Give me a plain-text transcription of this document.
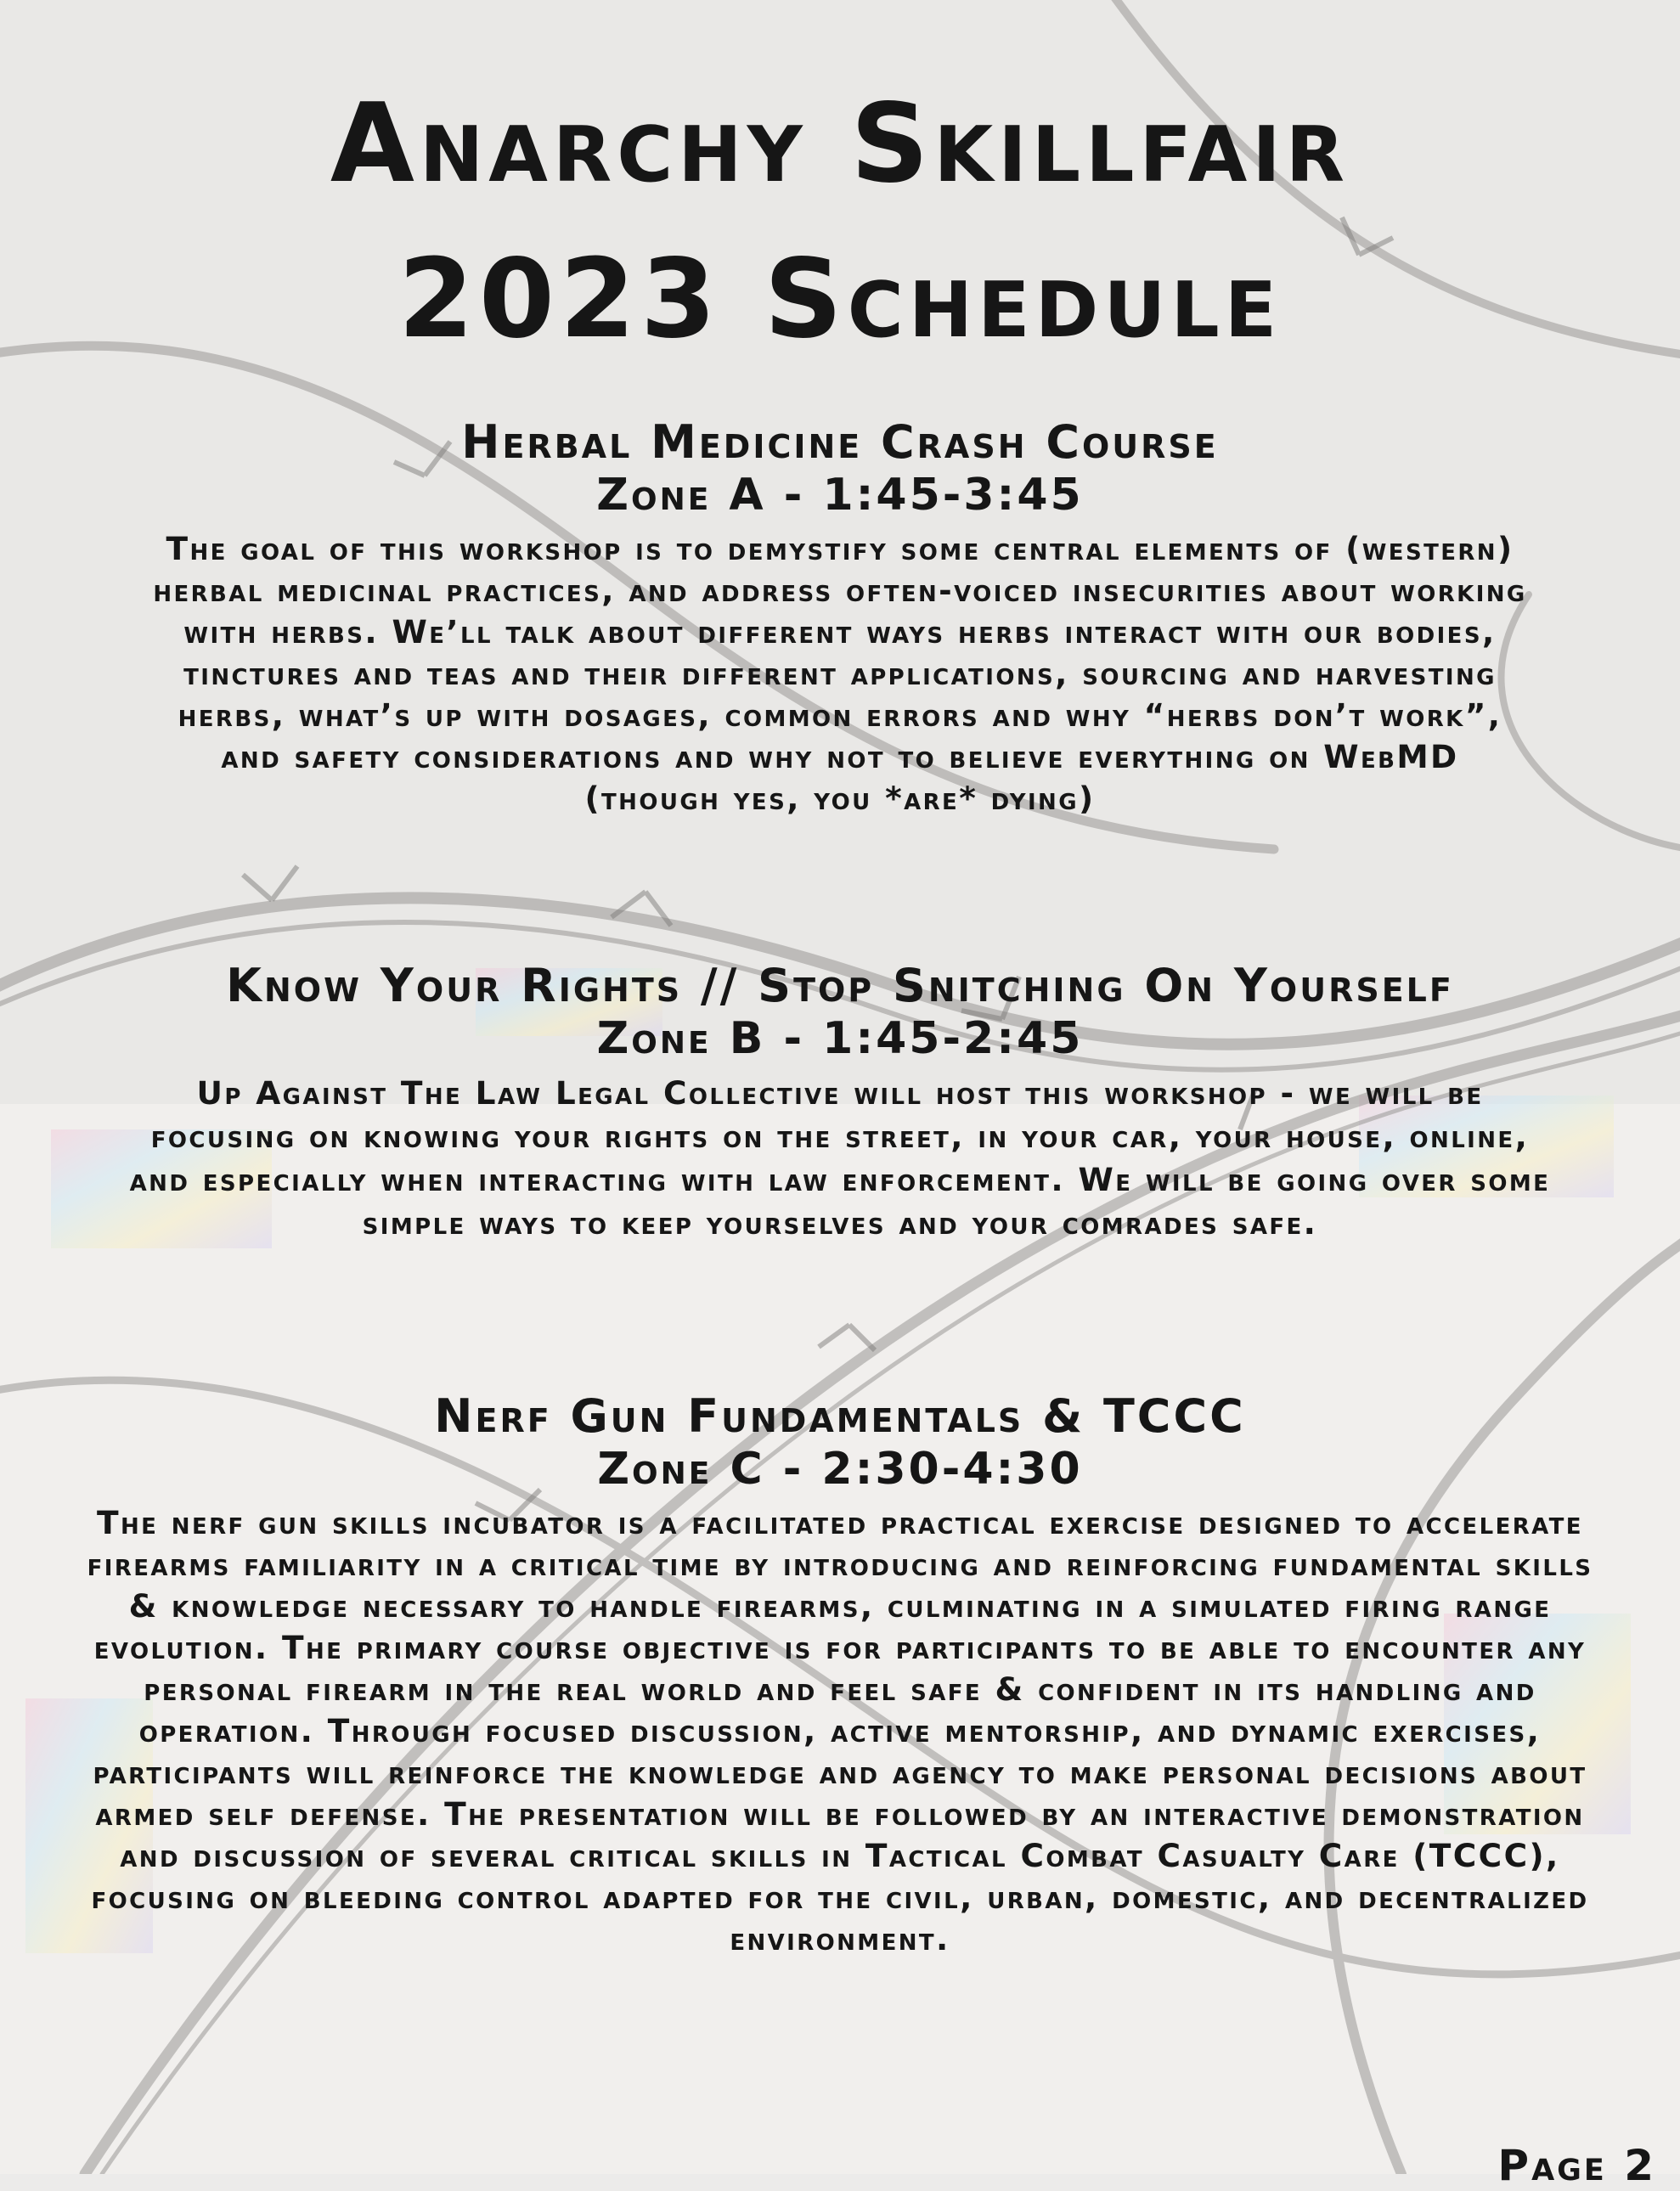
Anarchy Skillfair
2023 Schedule
Herbal Medicine Crash Course
Zone A - 1:45-3:45

The goal of this workshop is to demystify some central elements of (western) herbal medicinal practices, and address often-voiced insecurities about working with herbs. We’ll talk about different ways herbs interact with our bodies, tinctures and teas and their different applications, sourcing and harvesting herbs, what’s up with dosages, common errors and why “herbs don’t work”, and safety considerations and why not to believe everything on WebMD (though yes, you *are* dying)

Know Your Rights // Stop Snitching On Yourself
Zone B - 1:45-2:45

Up Against The Law Legal Collective will host this workshop - we will be focusing on knowing your rights on the street, in your car, your house, online, and especially when interacting with law enforcement. We will be going over some simple ways to keep yourselves and your comrades safe.

Nerf Gun Fundamentals & TCCC
Zone C - 2:30-4:30

The nerf gun skills incubator is a facilitated practical exercise designed to accelerate firearms familiarity in a critical time by introducing and reinforcing fundamental skills & knowledge necessary to handle firearms, culminating in a simulated firing range evolution. The primary course objective is for participants to be able to encounter any personal firearm in the real world and feel safe & confident in its handling and operation. Through focused discussion, active mentorship, and dynamic exercises, participants will reinforce the knowledge and agency to make personal decisions about armed self defense. The presentation will be followed by an interactive demonstration and discussion of several critical skills in Tactical Combat Casualty Care (TCCC), focusing on bleeding control adapted for the civil, urban, domestic, and decentralized environment.

Page 2
